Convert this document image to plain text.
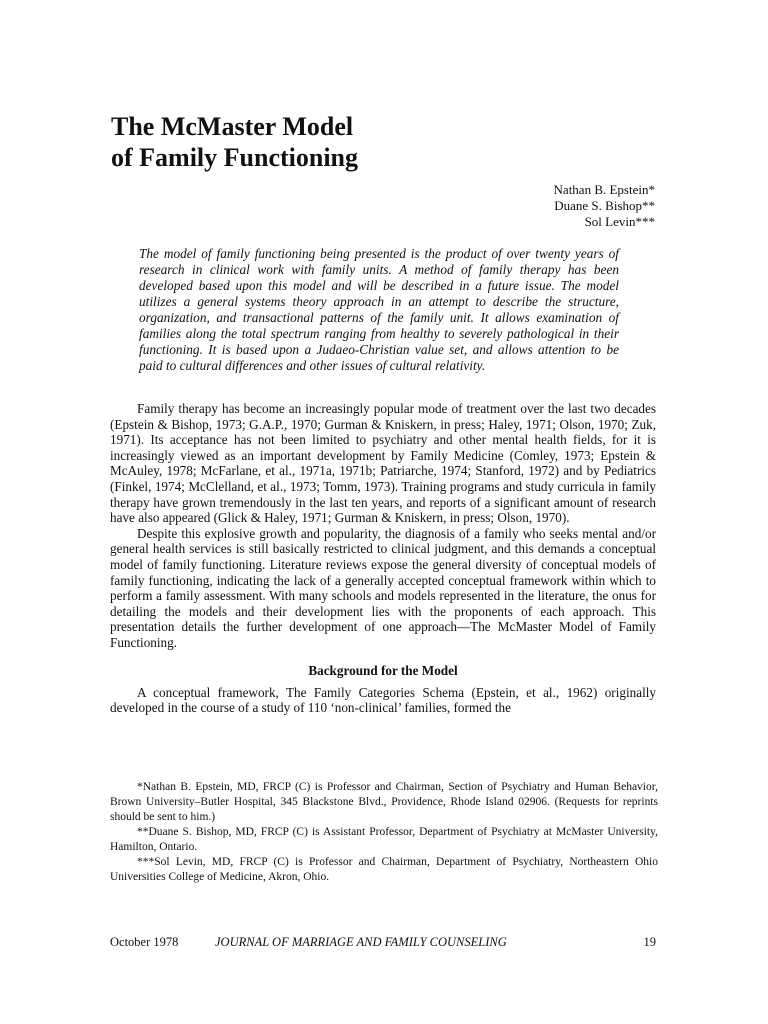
The McMaster Model
of Family Functioning
Nathan B. Epstein*
Duane S. Bishop**
Sol Levin***

The model of family functioning being presented is the product of over twenty years of research in clinical work with family units. A method of family therapy has been developed based upon this model and will be described in a future issue. The model utilizes a general systems theory approach in an attempt to describe the structure, organization, and transactional patterns of the family unit. It allows examination of families along the total spectrum ranging from healthy to severely pathological in their functioning. It is based upon a Judaeo-Christian value set, and allows attention to be paid to cultural differences and other issues of cultural relativity.

Family therapy has become an increasingly popular mode of treatment over the last two decades (Epstein & Bishop, 1973; G.A.P., 1970; Gurman & Kniskern, in press; Haley, 1971; Olson, 1970; Zuk, 1971). Its acceptance has not been limited to psychiatry and other mental health fields, for it is increasingly viewed as an important development by Family Medicine (Comley, 1973; Epstein & McAuley, 1978; McFarlane, et al., 1971a, 1971b; Patriarche, 1974; Stanford, 1972) and by Pediatrics (Finkel, 1974; McClelland, et al., 1973; Tomm, 1973). Training programs and study curricula in family therapy have grown tremendously in the last ten years, and reports of a significant amount of research have also appeared (Glick & Haley, 1971; Gurman & Kniskern, in press; Olson, 1970).

Despite this explosive growth and popularity, the diagnosis of a family who seeks mental and/or general health services is still basically restricted to clinical judgment, and this demands a conceptual model of family functioning. Literature reviews expose the general diversity of conceptual models of family functioning, indicating the lack of a generally accepted conceptual framework within which to perform a family assessment. With many schools and models represented in the literature, the onus for detailing the models and their development lies with the proponents of each approach. This presentation details the further development of one approach—The McMaster Model of Family Functioning.

Background for the Model

A conceptual framework, The Family Categories Schema (Epstein, et al., 1962) originally developed in the course of a study of 110 ‘non-clinical’ families, formed the

*Nathan B. Epstein, MD, FRCP (C) is Professor and Chairman, Section of Psychiatry and Human Behavior, Brown University–Butler Hospital, 345 Blackstone Blvd., Providence, Rhode Island 02906. (Requests for reprints should be sent to him.)

**Duane S. Bishop, MD, FRCP (C) is Assistant Professor, Department of Psychiatry at McMaster University, Hamilton, Ontario.

***Sol Levin, MD, FRCP (C) is Professor and Chairman, Department of Psychiatry, Northeastern Ohio Universities College of Medicine, Akron, Ohio.

October 1978	JOURNAL OF MARRIAGE AND FAMILY COUNSELING	19
